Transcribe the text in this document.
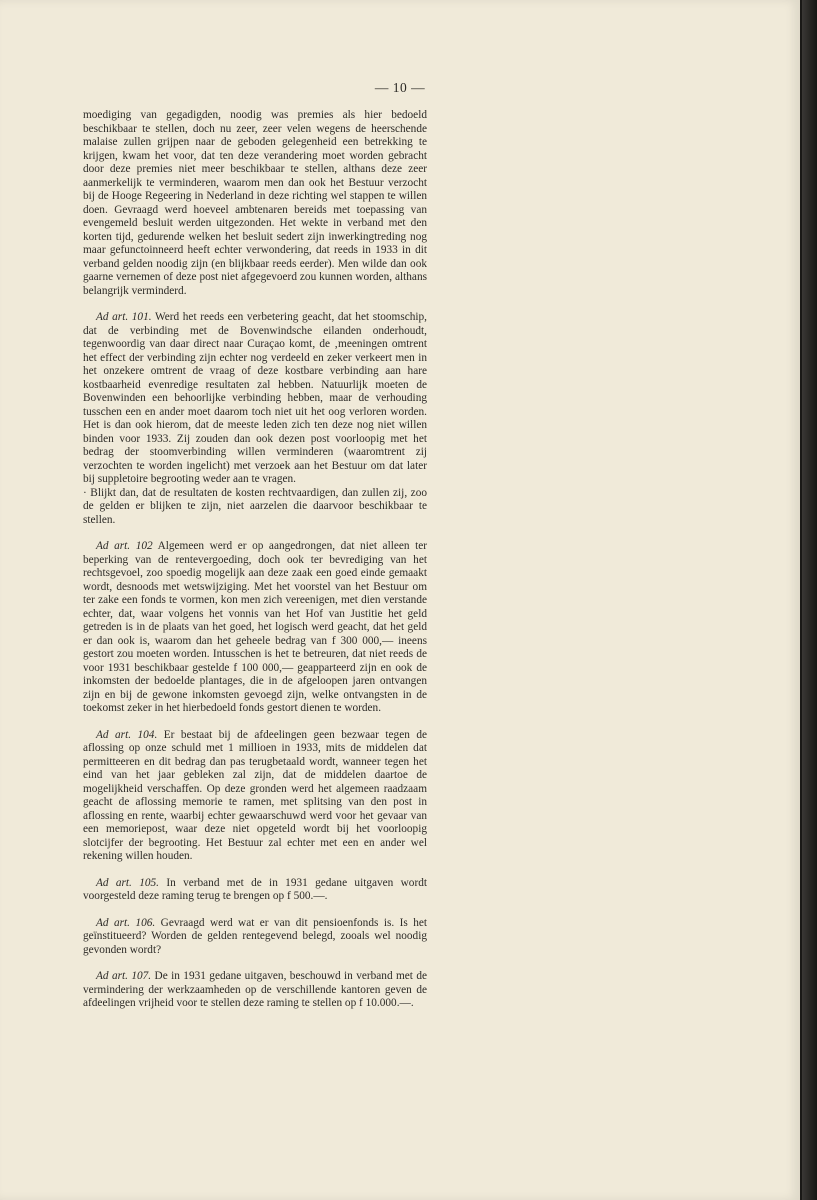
— 10 —

moediging van gegadigden, noodig was premies als hier bedoeld beschikbaar te stellen, doch nu zeer, zeer velen wegens de heerschende malaise zullen grijpen naar de geboden gelegenheid een betrekking te krijgen, kwam het voor, dat ten deze verandering moet worden gebracht door deze premies niet meer beschikbaar te stellen, althans deze zeer aanmerkelijk te verminderen, waarom men dan ook het Bestuur verzocht bij de Hooge Regeering in Nederland in deze richting wel stappen te willen doen. Gevraagd werd hoeveel ambtenaren bereids met toepassing van evengemeld besluit werden uitgezonden. Het wekte in verband met den korten tijd, gedurende welken het besluit sedert zijn inwerkingtreding nog maar gefunctoinneerd heeft echter verwondering, dat reeds in 1933 in dit verband gelden noodig zijn (en blijkbaar reeds eerder). Men wilde dan ook gaarne vernemen of deze post niet afgegevoerd zou kunnen worden, althans belangrijk verminderd.

Ad art. 101. Werd het reeds een verbetering geacht, dat het stoomschip, dat de verbinding met de Bovenwindsche eilanden onderhoudt, tegenwoordig van daar direct naar Curaçao komt, de ‚meeningen omtrent het effect der verbinding zijn echter nog verdeeld en zeker verkeert men in het onzekere omtrent de vraag of deze kostbare verbinding aan hare kostbaarheid evenredige resultaten zal hebben. Natuurlijk moeten de Bovenwinden een behoorlijke verbinding hebben, maar de verhouding tusschen een en ander moet daarom toch niet uit het oog verloren worden. Het is dan ook hierom, dat de meeste leden zich ten deze nog niet willen binden voor 1933. Zij zouden dan ook dezen post voorloopig met het bedrag der stoomverbinding willen verminderen (waaromtrent zij verzochten te worden ingelicht) met verzoek aan het Bestuur om dat later bij suppletoire begrooting weder aan te vragen.

· Blijkt dan, dat de resultaten de kosten rechtvaardigen, dan zullen zij, zoo de gelden er blijken te zijn, niet aarzelen die daarvoor beschikbaar te stellen.

Ad art. 102 Algemeen werd er op aangedrongen, dat niet alleen ter beperking van de rentevergoeding, doch ook ter bevrediging van het rechtsgevoel, zoo spoedig mogelijk aan deze zaak een goed einde gemaakt wordt, desnoods met wetswijziging. Met het voorstel van het Bestuur om ter zake een fonds te vormen, kon men zich vereenigen, met dien verstande echter, dat, waar volgens het vonnis van het Hof van Justitie het geld getreden is in de plaats van het goed, het logisch werd geacht, dat het geld er dan ook is, waarom dan het geheele bedrag van f 300 000,— ineens gestort zou moeten worden. Intusschen is het te betreuren, dat niet reeds de voor 1931 beschikbaar gestelde f 100 000,— geapparteerd zijn en ook de inkomsten der bedoelde plantages, die in de afgeloopen jaren ontvangen zijn en bij de gewone inkomsten gevoegd zijn, welke ontvangsten in de toekomst zeker in het hierbedoeld fonds gestort dienen te worden.

Ad art. 104. Er bestaat bij de afdeelingen geen bezwaar tegen de aflossing op onze schuld met 1 millioen in 1933, mits de middelen dat permitteeren en dit bedrag dan pas terugbetaald wordt, wanneer tegen het eind van het jaar gebleken zal zijn, dat de middelen daartoe de mogelijkheid verschaffen. Op deze gronden werd het algemeen raadzaam geacht de aflossing memorie te ramen, met splitsing van den post in aflossing en rente, waarbij echter gewaarschuwd werd voor het gevaar van een memoriepost, waar deze niet opgeteld wordt bij het voorloopig slotcijfer der begrooting. Het Bestuur zal echter met een en ander wel rekening willen houden.

Ad art. 105. In verband met de in 1931 gedane uitgaven wordt voorgesteld deze raming terug te brengen op f 500.—.

Ad art. 106. Gevraagd werd wat er van dit pensioenfonds is. Is het geïnstitueerd? Worden de gelden rentegevend belegd, zooals wel noodig gevonden wordt?

Ad art. 107. De in 1931 gedane uitgaven, beschouwd in verband met de vermindering der werkzaamheden op de verschillende kantoren geven de afdeelingen vrijheid voor te stellen deze raming te stellen op f 10.000.—.
